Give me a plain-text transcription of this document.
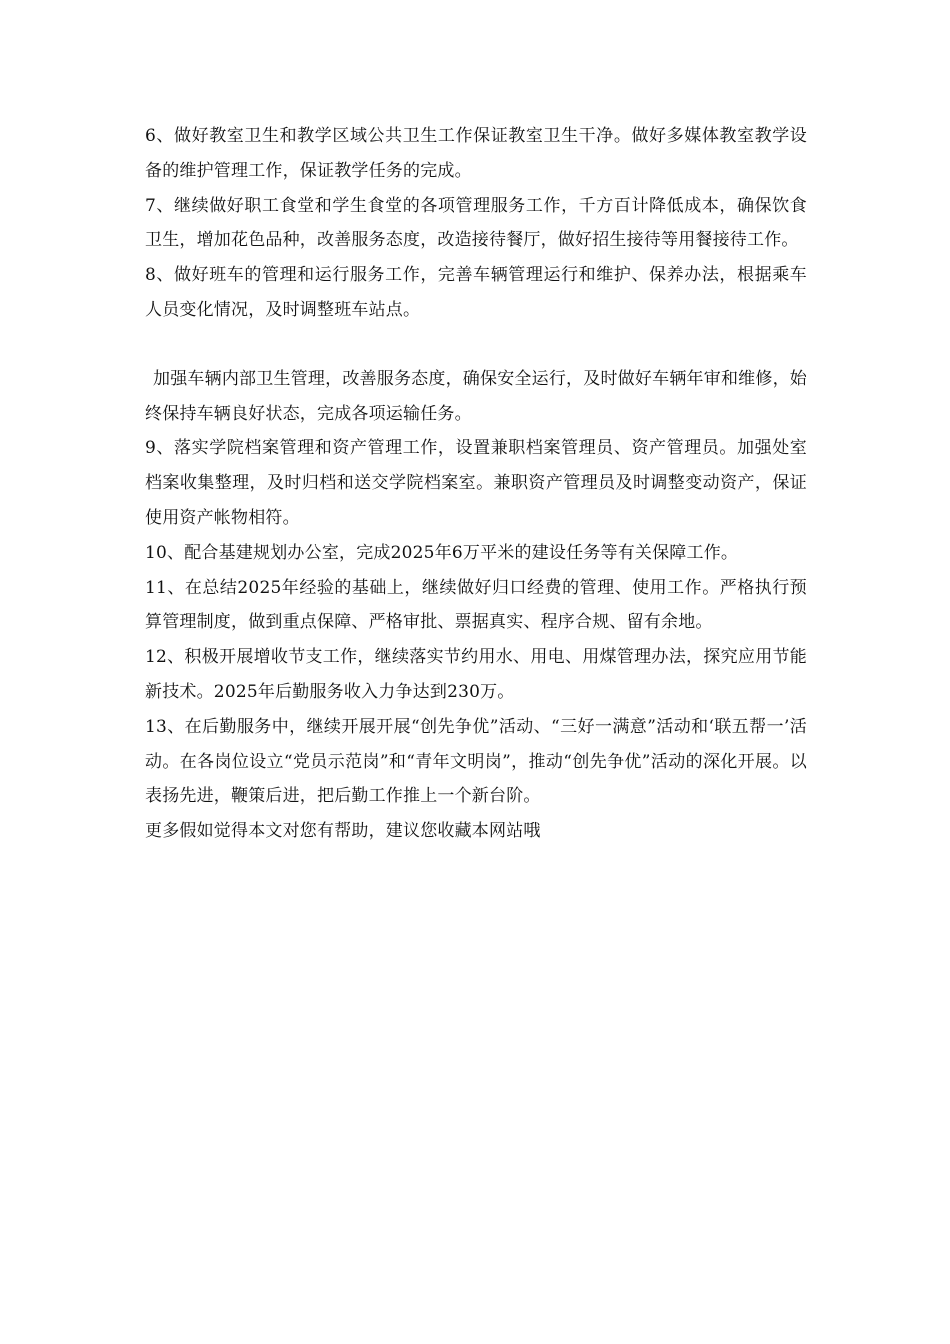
6、做好教室卫生和教学区域公共卫生工作保证教室卫生干净。做好多媒体教室教学设备的维护管理工作，保证教学任务的完成。

7、继续做好职工食堂和学生食堂的各项管理服务工作，千方百计降低成本，确保饮食卫生，增加花色品种，改善服务态度，改造接待餐厅，做好招生接待等用餐接待工作。

8、做好班车的管理和运行服务工作，完善车辆管理运行和维护、保养办法，根据乘车人员变化情况，及时调整班车站点。

加强车辆内部卫生管理，改善服务态度，确保安全运行，及时做好车辆年审和维修，始终保持车辆良好状态，完成各项运输任务。

9、落实学院档案管理和资产管理工作，设置兼职档案管理员、资产管理员。加强处室档案收集整理，及时归档和送交学院档案室。兼职资产管理员及时调整变动资产，保证使用资产帐物相符。

10、配合基建规划办公室，完成2025年6万平米的建设任务等有关保障工作。

11、在总结2025年经验的基础上，继续做好归口经费的管理、使用工作。严格执行预算管理制度，做到重点保障、严格审批、票据真实、程序合规、留有余地。

12、积极开展增收节支工作，继续落实节约用水、用电、用煤管理办法，探究应用节能新技术。2025年后勤服务收入力争达到230万。

13、在后勤服务中，继续开展开展“创先争优”活动、“三好一满意”活动和‘联五帮一’活动。在各岗位设立“党员示范岗”和“青年文明岗”，推动“创先争优”活动的深化开展。以表扬先进，鞭策后进，把后勤工作推上一个新台阶。

更多假如觉得本文对您有帮助，建议您收藏本网站哦
